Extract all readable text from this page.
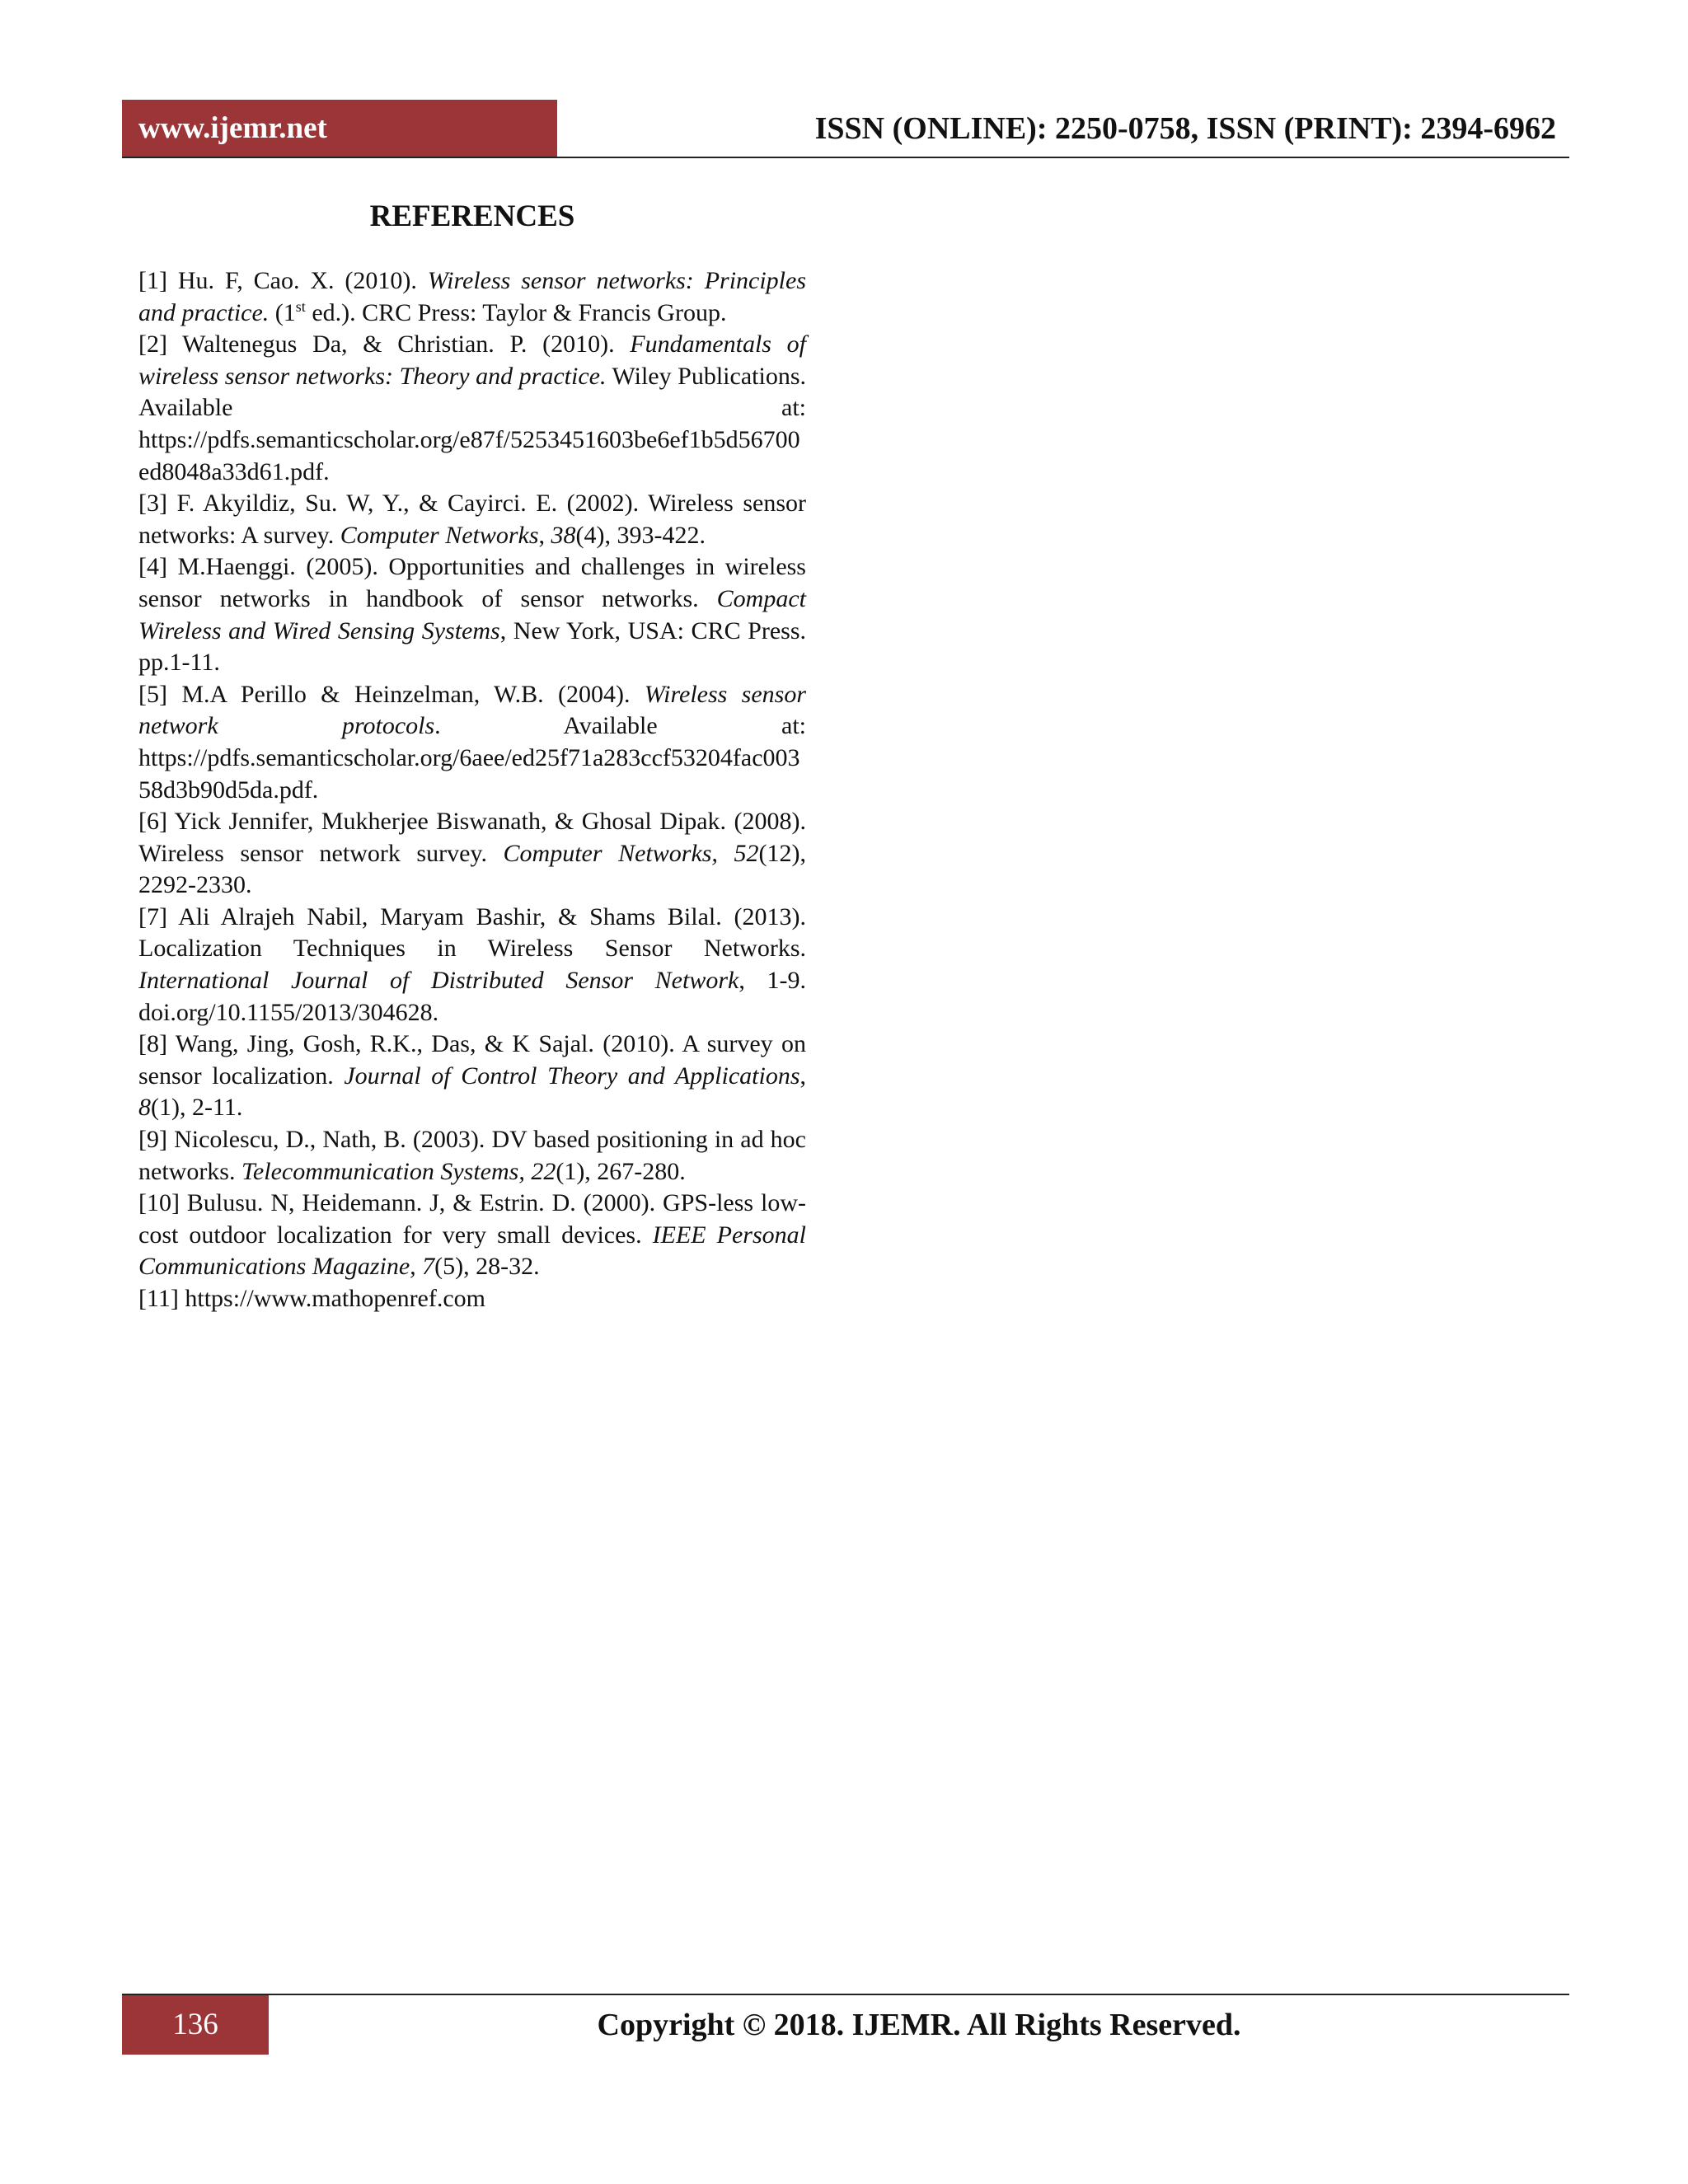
www.ijemr.net	ISSN (ONLINE): 2250-0758, ISSN (PRINT): 2394-6962
REFERENCES
[1] Hu. F, Cao. X. (2010). Wireless sensor networks: Principles and practice. (1st ed.). CRC Press: Taylor & Francis Group.
[2] Waltenegus Da, & Christian. P. (2010). Fundamentals of wireless sensor networks: Theory and practice. Wiley Publications. Available at: https://pdfs.semanticscholar.org/e87f/5253451603be6ef1b5d56700ed8048a33d61.pdf.
[3] F. Akyildiz, Su. W, Y., & Cayirci. E. (2002). Wireless sensor networks: A survey. Computer Networks, 38(4), 393-422.
[4] M.Haenggi. (2005). Opportunities and challenges in wireless sensor networks in handbook of sensor networks. Compact Wireless and Wired Sensing Systems, New York, USA: CRC Press. pp.1-11.
[5] M.A Perillo & Heinzelman, W.B. (2004). Wireless sensor network protocols. Available at: https://pdfs.semanticscholar.org/6aee/ed25f71a283ccf53204fac00358d3b90d5da.pdf.
[6] Yick Jennifer, Mukherjee Biswanath, & Ghosal Dipak. (2008). Wireless sensor network survey. Computer Networks, 52(12), 2292-2330.
[7] Ali Alrajeh Nabil, Maryam Bashir, & Shams Bilal. (2013). Localization Techniques in Wireless Sensor Networks. International Journal of Distributed Sensor Network, 1-9. doi.org/10.1155/2013/304628.
[8] Wang, Jing, Gosh, R.K., Das, & K Sajal. (2010). A survey on sensor localization. Journal of Control Theory and Applications, 8(1), 2-11.
[9] Nicolescu, D., Nath, B. (2003). DV based positioning in ad hoc networks. Telecommunication Systems, 22(1), 267-280.
[10] Bulusu. N, Heidemann. J, & Estrin. D. (2000). GPS-less low-cost outdoor localization for very small devices. IEEE Personal Communications Magazine, 7(5), 28-32.
[11] https://www.mathopenref.com
136	Copyright © 2018. IJEMR. All Rights Reserved.
